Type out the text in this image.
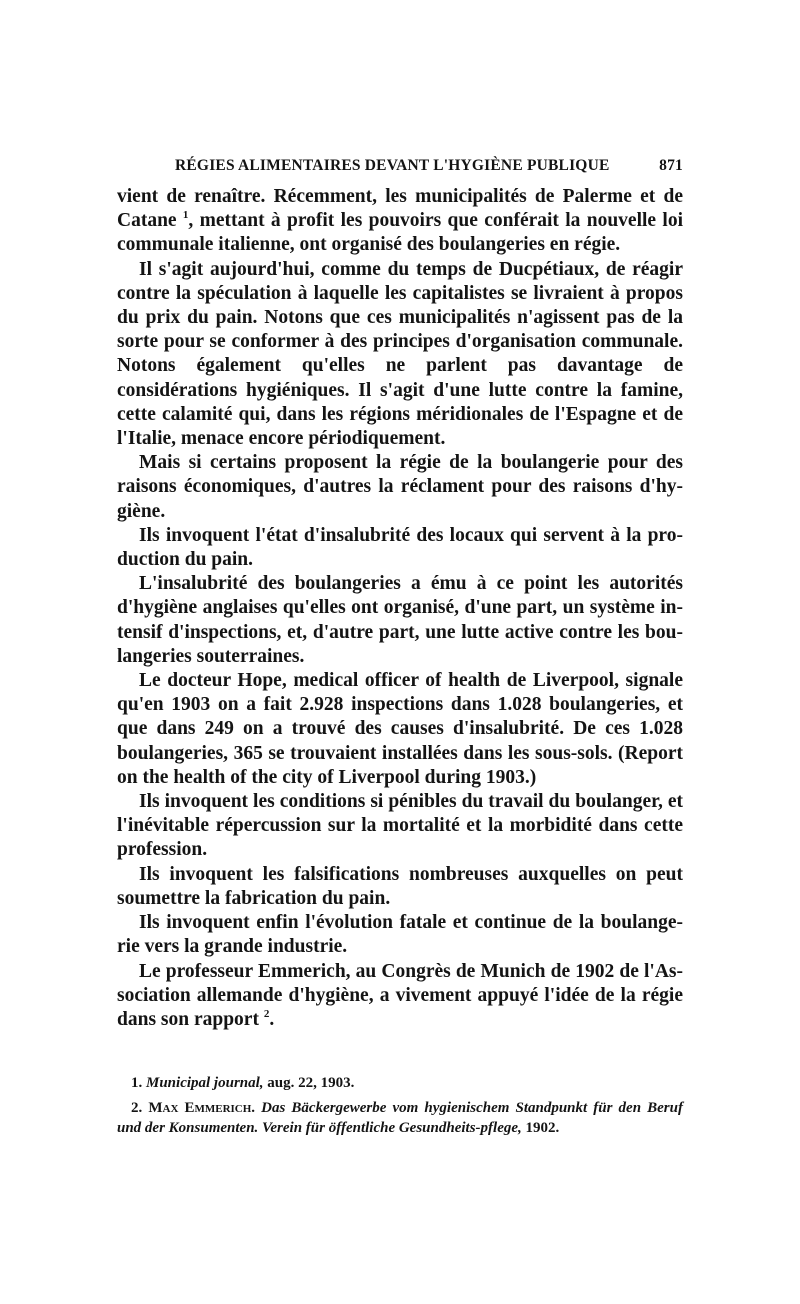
RÉGIES ALIMENTAIRES DEVANT L'HYGIÈNE PUBLIQUE	871

vient de renaître. Récemment, les municipalités de Palerme et de Catane $^1$, mettant à profit les pouvoirs que conférait la nouvelle loi communale italienne, ont organisé des boulangeries en régie.

Il s'agit aujourd'hui, comme du temps de Ducpétiaux, de réagir contre la spéculation à laquelle les capitalistes se livraient à propos du prix du pain. Notons que ces municipalités n'agissent pas de la sorte pour se conformer à des principes d'organisation communale. Notons également qu'elles ne parlent pas davantage de considérations hygiéniques. Il s'agit d'une lutte contre la famine, cette calamité qui, dans les régions méridionales de l'Espagne et de l'Italie, menace encore périodiquement.

Mais si certains proposent la régie de la boulangerie pour des raisons économiques, d'autres la réclament pour des raisons d'hygiène.

Ils invoquent l'état d'insalubrité des locaux qui servent à la production du pain.

L'insalubrité des boulangeries a ému à ce point les autorités d'hygiène anglaises qu'elles ont organisé, d'une part, un système intensif d'inspections, et, d'autre part, une lutte active contre les boulangeries souterraines.

Le docteur Hope, medical officer of health de Liverpool, signale qu'en 1903 on a fait 2.928 inspections dans 1.028 boulangeries, et que dans 249 on a trouvé des causes d'insalubrité. De ces 1.028 boulangeries, 365 se trouvaient installées dans les sous-sols. (Report on the health of the city of Liverpool during 1903.)

Ils invoquent les conditions si pénibles du travail du boulanger, et l'inévitable répercussion sur la mortalité et la morbidité dans cette profession.

Ils invoquent les falsifications nombreuses auxquelles on peut soumettre la fabrication du pain.

Ils invoquent enfin l'évolution fatale et continue de la boulangerie vers la grande industrie.

Le professeur Emmerich, au Congrès de Munich de 1902 de l'Association allemande d'hygiène, a vivement appuyé l'idée de la régie dans son rapport $^2$.

1. Municipal journal, aug. 22, 1903.

2. Max Emmerich. Das Bäckergewerbe vom hygienischem Standpunkt für den Beruf und der Konsumenten. Verein für öffentliche Gesundheits-pflege, 1902.
